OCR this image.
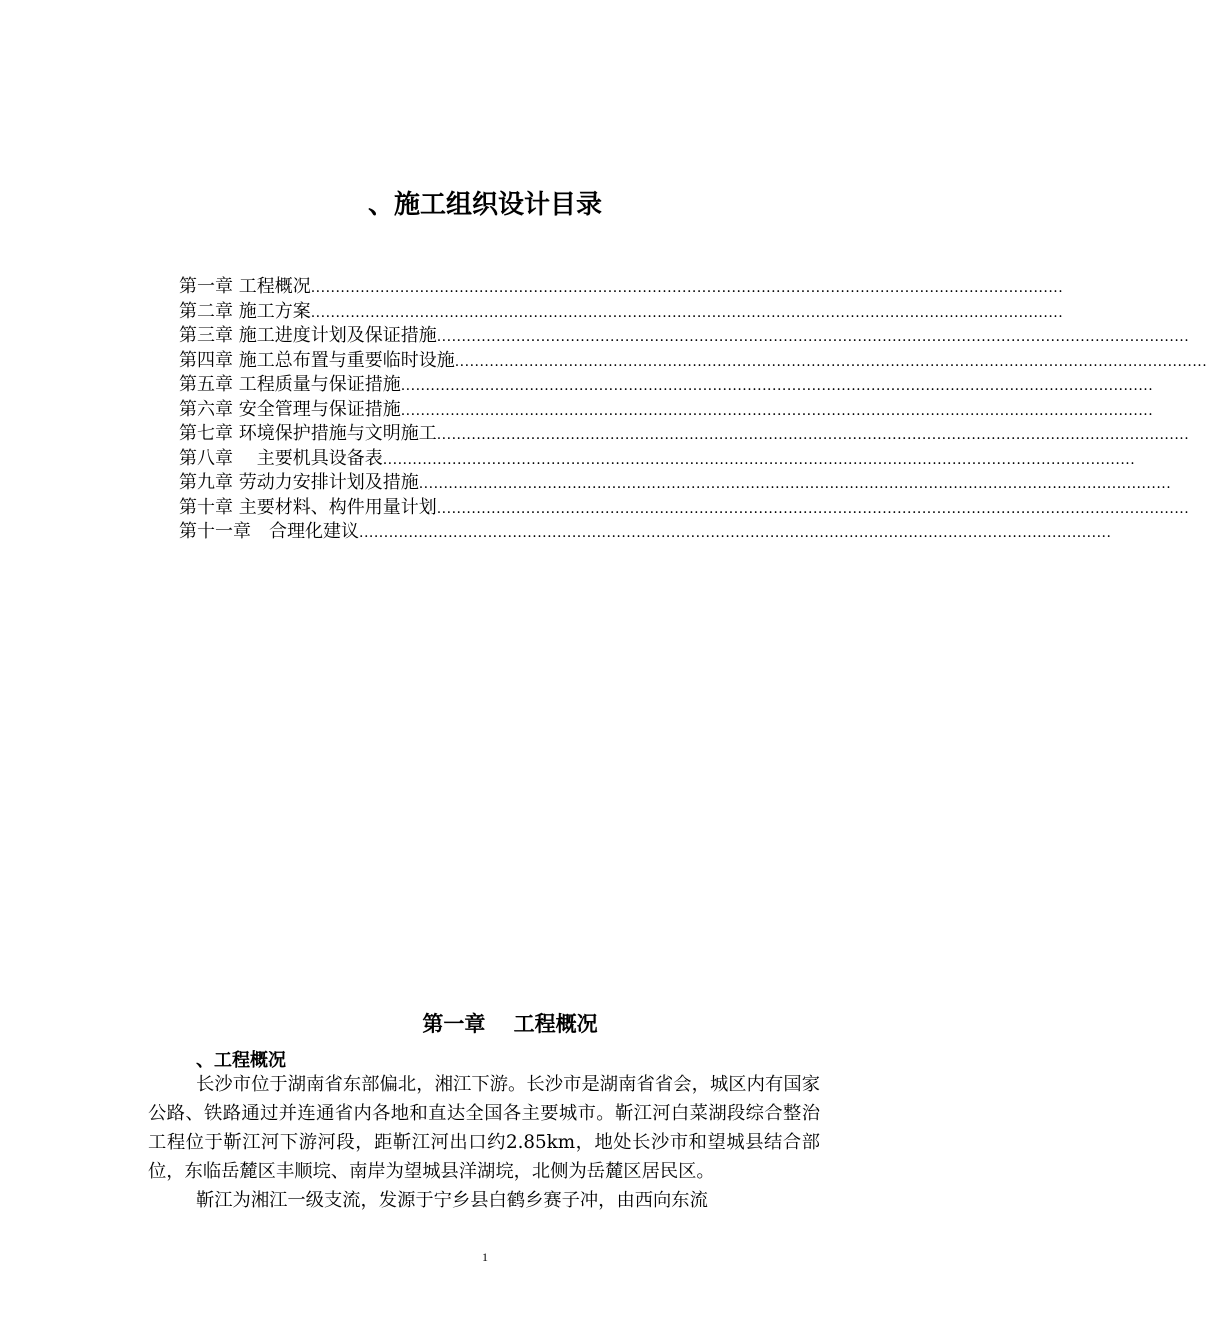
、施工组织设计目录
第一章 工程概况 ........................................................................................................................................................
第二章 施工方案 ........................................................................................................................................................
第三章 施工进度计划及保证措施 ........................................................................................................................................................
第四章 施工总布置与重要临时设施 ........................................................................................................................................................
第五章 工程质量与保证措施 ........................................................................................................................................................
第六章 安全管理与保证措施 ........................................................................................................................................................
第七章 环境保护措施与文明施工 ........................................................................................................................................................
第八章　 主要机具设备表 ........................................................................................................................................................
第九章 劳动力安排计划及措施 ........................................................................................................................................................
第十章 主要材料、构件用量计划 ........................................................................................................................................................
第十一章　合理化建议 ........................................................................................................................................................
第一章　 工程概况
、工程概况

长沙市位于湖南省东部偏北，湘江下游。长沙市是湖南省省会，城区内有国家公路、铁路通过并连通省内各地和直达全国各主要城市。靳江河白菜湖段综合整治工程位于靳江河下游河段，距靳江河出口约2.85km，地处长沙市和望城县结合部位，东临岳麓区丰顺垸、南岸为望城县洋湖垸，北侧为岳麓区居民区。

靳江为湘江一级支流，发源于宁乡县白鹤乡赛子冲，由西向东流

1
